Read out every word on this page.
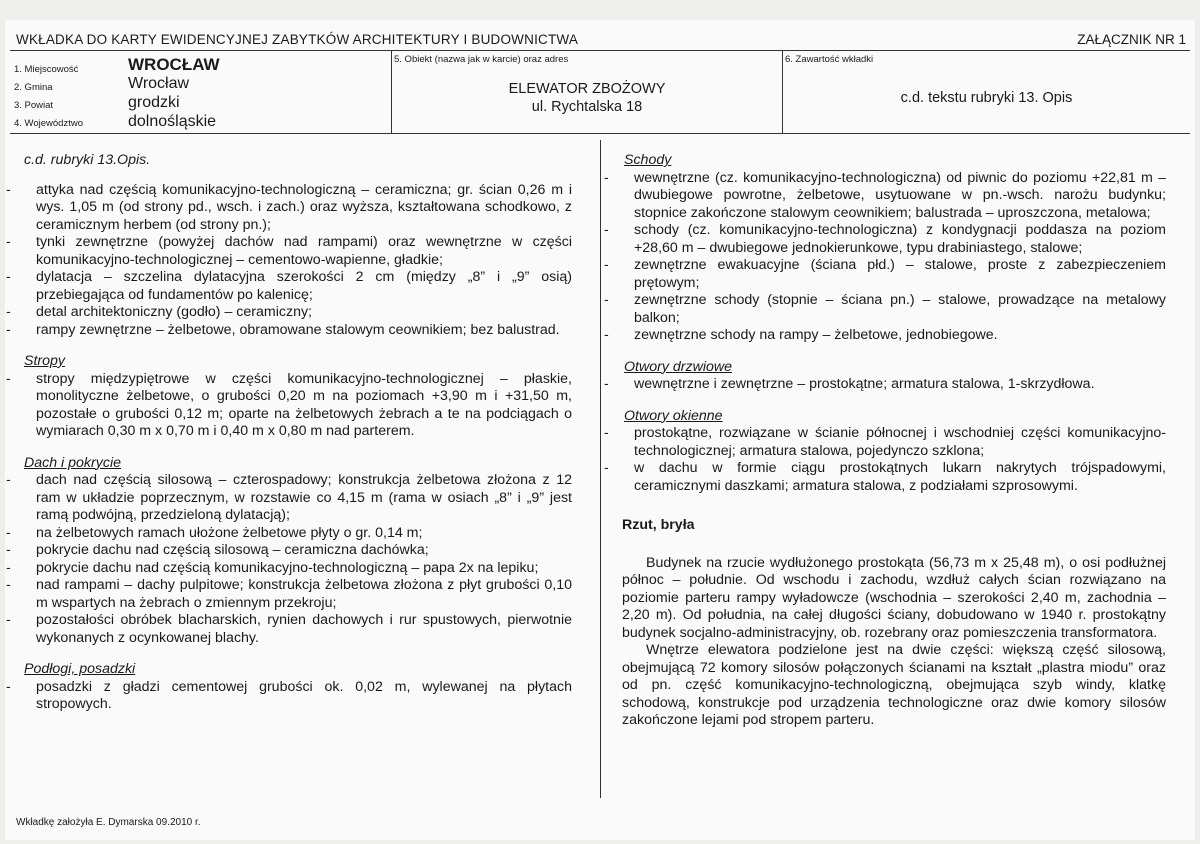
WKŁADKA DO KARTY EWIDENCYJNEJ ZABYTKÓW ARCHITEKTURY I BUDOWNICTWA	ZAŁĄCZNIK NR 1
1. Miejscowość
2. Gmina
3. Powiat
4. Województwo
WROCŁAW
Wrocław
grodzki
dolnośląskie
5. Obiekt (nazwa jak w karcie) oraz adres
ELEWATOR ZBOŻOWY
ul. Rychtalska 18
6. Zawartość wkładki
c.d. tekstu rubryki 13. Opis
c.d. rubryki 13.Opis.

- attyka nad częścią komunikacyjno-technologiczną – ceramiczna; gr. ścian 0,26 m i wys. 1,05 m (od strony pd., wsch. i zach.) oraz wyższa, kształtowana schodkowo, z ceramicznym herbem (od strony pn.);

- tynki zewnętrzne (powyżej dachów nad rampami) oraz wewnętrzne w części komunikacyjno-technologicznej – cementowo-wapienne, gładkie;

- dylatacja – szczelina dylatacyjna szerokości 2 cm (między „8” i „9” osią) przebiegająca od fundamentów po kalenicę;

- detal architektoniczny (godło) – ceramiczny;

- rampy zewnętrzne – żelbetowe, obramowane stalowym ceownikiem; bez balustrad.

Stropy

- stropy międzypiętrowe w części komunikacyjno-technologicznej – płaskie, monolityczne żelbetowe, o grubości 0,20 m na poziomach +3,90 m i +31,50 m, pozostałe o grubości 0,12 m; oparte na żelbetowych żebrach a te na podciągach o wymiarach 0,30 m x 0,70 m i 0,40 m x 0,80 m nad parterem.

Dach i pokrycie

- dach nad częścią silosową – czterospadowy; konstrukcja żelbetowa złożona z 12 ram w układzie poprzecznym, w rozstawie co 4,15 m (rama w osiach „8” i „9” jest ramą podwójną, przedzieloną dylatacją);

- na żelbetowych ramach ułożone żelbetowe płyty o gr. 0,14 m;

- pokrycie dachu nad częścią silosową – ceramiczna dachówka;

- pokrycie dachu nad częścią komunikacyjno-technologiczną – papa 2x na lepiku;

- nad rampami – dachy pulpitowe; konstrukcja żelbetowa złożona z płyt grubości 0,10 m wspartych na żebrach o zmiennym przekroju;

- pozostałości obróbek blacharskich, rynien dachowych i rur spustowych, pierwotnie wykonanych z ocynkowanej blachy.

Podłogi, posadzki

- posadzki z gładzi cementowej grubości ok. 0,02 m, wylewanej na płytach stropowych.

Schody

- wewnętrzne (cz. komunikacyjno-technologiczna) od piwnic do poziomu +22,81 m – dwubiegowe powrotne, żelbetowe, usytuowane w pn.-wsch. narożu budynku; stopnice zakończone stalowym ceownikiem; balustrada – uproszczona, metalowa;

- schody (cz. komunikacyjno-technologiczna) z kondygnacji poddasza na poziom +28,60 m – dwubiegowe jednokierunkowe, typu drabiniastego, stalowe;

- zewnętrzne ewakuacyjne (ściana płd.) – stalowe, proste z zabezpieczeniem prętowym;

- zewnętrzne schody (stopnie – ściana pn.) – stalowe, prowadzące na metalowy balkon;

- zewnętrzne schody na rampy – żelbetowe, jednobiegowe.

Otwory drzwiowe

- wewnętrzne i zewnętrzne – prostokątne; armatura stalowa, 1-skrzydłowa.

Otwory okienne

- prostokątne, rozwiązane w ścianie północnej i wschodniej części komunikacyjno-technologicznej; armatura stalowa, pojedynczo szklona;

- w dachu w formie ciągu prostokątnych lukarn nakrytych trójspadowymi, ceramicznymi daszkami; armatura stalowa, z podziałami szprosowymi.

Rzut, bryła

Budynek na rzucie wydłużonego prostokąta (56,73 m x 25,48 m), o osi podłużnej północ – południe. Od wschodu i zachodu, wzdłuż całych ścian rozwiązano na poziomie parteru rampy wyładowcze (wschodnia – szerokości 2,40 m, zachodnia – 2,20 m). Od południa, na całej długości ściany, dobudowano w 1940 r. prostokątny budynek socjalno-administracyjny, ob. rozebrany oraz pomieszczenia transformatora.

Wnętrze elewatora podzielone jest na dwie części: większą część silosową, obejmującą 72 komory silosów połączonych ścianami na kształt „plastra miodu” oraz od pn. część komunikacyjno-technologiczną, obejmująca szyb windy, klatkę schodową, konstrukcje pod urządzenia technologiczne oraz dwie komory silosów zakończone lejami pod stropem parteru.

Wkładkę założyła E. Dymarska 09.2010 r.
